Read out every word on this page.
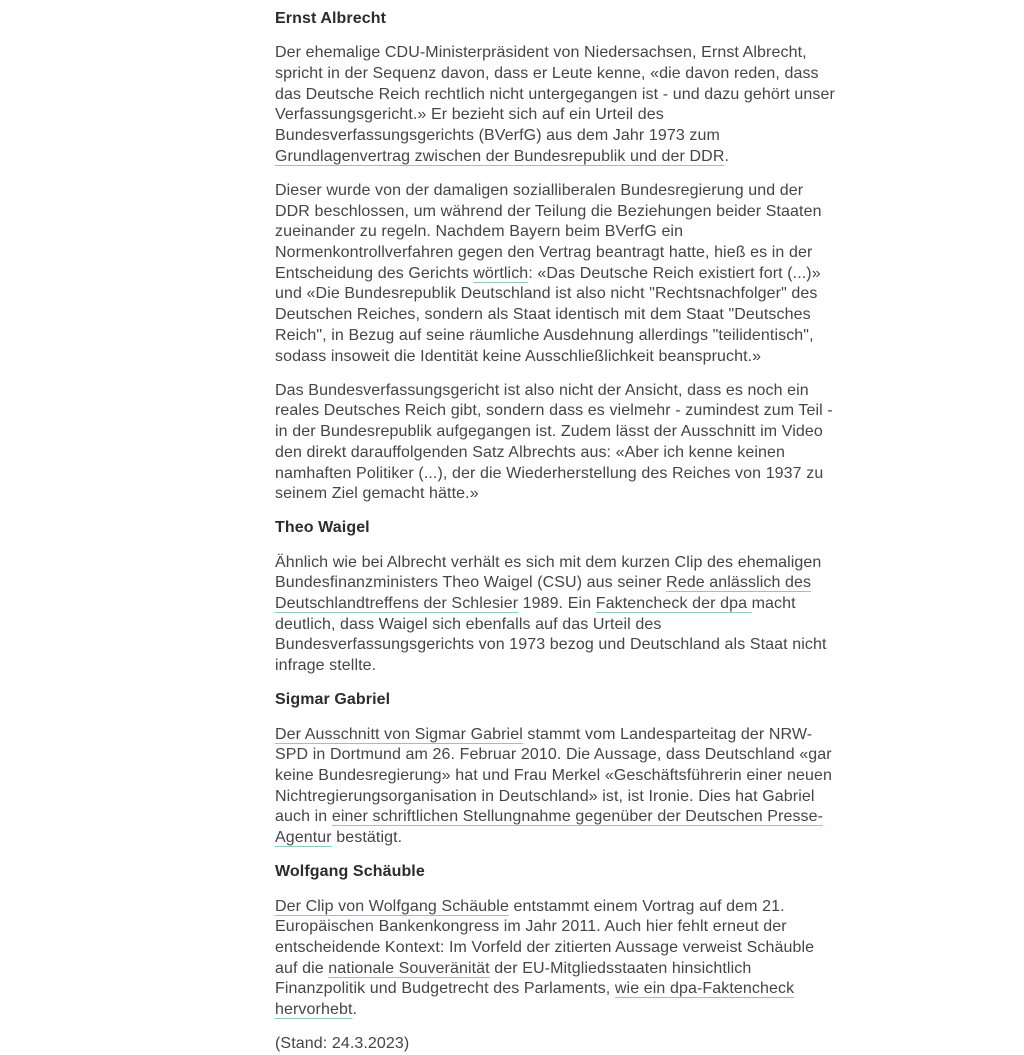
Ernst Albrecht

Der ehemalige CDU-Ministerpräsident von Niedersachsen, Ernst Albrecht, spricht in der Sequenz davon, dass er Leute kenne, «die davon reden, dass das Deutsche Reich rechtlich nicht untergegangen ist - und dazu gehört unser Verfassungsgericht.» Er bezieht sich auf ein Urteil des Bundesverfassungsgerichts (BVerfG) aus dem Jahr 1973 zum Grundlagenvertrag zwischen der Bundesrepublik und der DDR.

Dieser wurde von der damaligen sozialliberalen Bundesregierung und der DDR beschlossen, um während der Teilung die Beziehungen beider Staaten zueinander zu regeln. Nachdem Bayern beim BVerfG ein Normenkontrollverfahren gegen den Vertrag beantragt hatte, hieß es in der Entscheidung des Gerichts wörtlich: «Das Deutsche Reich existiert fort (...)» und «Die Bundesrepublik Deutschland ist also nicht "Rechtsnachfolger" des Deutschen Reiches, sondern als Staat identisch mit dem Staat "Deutsches Reich", in Bezug auf seine räumliche Ausdehnung allerdings "teilidentisch", sodass insoweit die Identität keine Ausschließlichkeit beansprucht.»

Das Bundesverfassungsgericht ist also nicht der Ansicht, dass es noch ein reales Deutsches Reich gibt, sondern dass es vielmehr - zumindest zum Teil - in der Bundesrepublik aufgegangen ist. Zudem lässt der Ausschnitt im Video den direkt darauffolgenden Satz Albrechts aus: «Aber ich kenne keinen namhaften Politiker (...), der die Wiederherstellung des Reiches von 1937 zu seinem Ziel gemacht hätte.»

Theo Waigel

Ähnlich wie bei Albrecht verhält es sich mit dem kurzen Clip des ehemaligen Bundesfinanzministers Theo Waigel (CSU) aus seiner Rede anlässlich des Deutschlandtreffens der Schlesier 1989. Ein Faktencheck der dpa macht deutlich, dass Waigel sich ebenfalls auf das Urteil des Bundesverfassungsgerichts von 1973 bezog und Deutschland als Staat nicht infrage stellte.

Sigmar Gabriel

Der Ausschnitt von Sigmar Gabriel stammt vom Landesparteitag der NRW-SPD in Dortmund am 26. Februar 2010. Die Aussage, dass Deutschland «gar keine Bundesregierung» hat und Frau Merkel «Geschäftsführerin einer neuen Nichtregierungsorganisation in Deutschland» ist, ist Ironie. Dies hat Gabriel auch in einer schriftlichen Stellungnahme gegenüber der Deutschen Presse-Agentur bestätigt.

Wolfgang Schäuble

Der Clip von Wolfgang Schäuble entstammt einem Vortrag auf dem 21. Europäischen Bankenkongress im Jahr 2011. Auch hier fehlt erneut der entscheidende Kontext: Im Vorfeld der zitierten Aussage verweist Schäuble auf die nationale Souveränität der EU-Mitgliedsstaaten hinsichtlich Finanzpolitik und Budgetrecht des Parlaments, wie ein dpa-Faktencheck hervorhebt.

(Stand: 24.3.2023)
